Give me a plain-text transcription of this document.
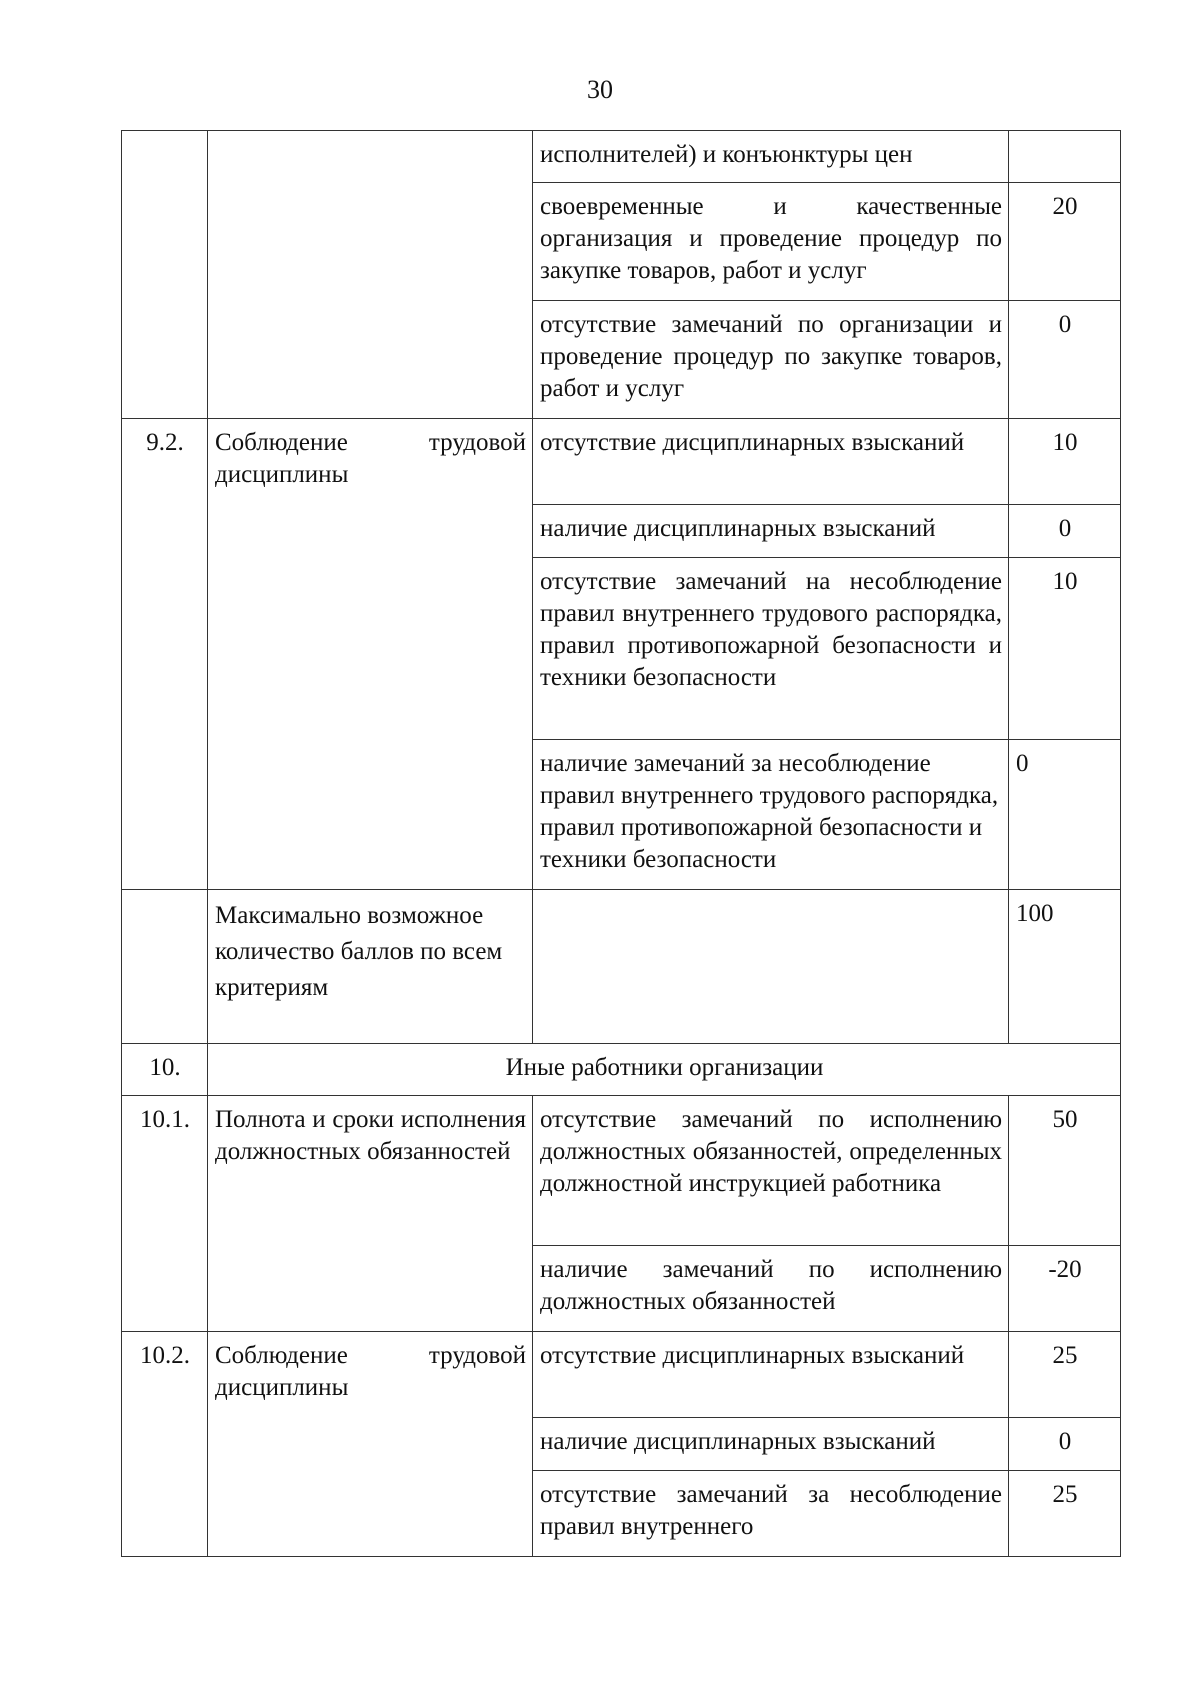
30
		исполнителей) и конъюнктуры цен	
		своевременные и качественные организация и проведение процедур по закупке товаров, работ и услуг	20
		отсутствие замечаний по организации и проведение процедур по закупке товаров, работ и услуг	0
9.2.	Соблюдение трудовой дисциплины	отсутствие дисциплинарных взысканий	10
		наличие дисциплинарных взысканий	0
		отсутствие замечаний на несоблюдение правил внутреннего трудового распорядка, правил противопожарной безопасности и техники безопасности	10
		наличие замечаний за несоблюдение правил внутреннего трудового распорядка, правил противопожарной безопасности и техники безопасности	0
	Максимально возможное количество баллов по всем критериям		100
10.	Иные работники организации		
10.1.	Полнота и сроки исполнения должностных обязанностей	отсутствие замечаний по исполнению должностных обязанностей, определенных должностной инструкцией работника	50
		наличие замечаний по исполнению должностных обязанностей	-20
10.2.	Соблюдение трудовой дисциплины	отсутствие дисциплинарных взысканий	25
		наличие дисциплинарных взысканий	0
		отсутствие замечаний за несоблюдение правил внутреннего	25
